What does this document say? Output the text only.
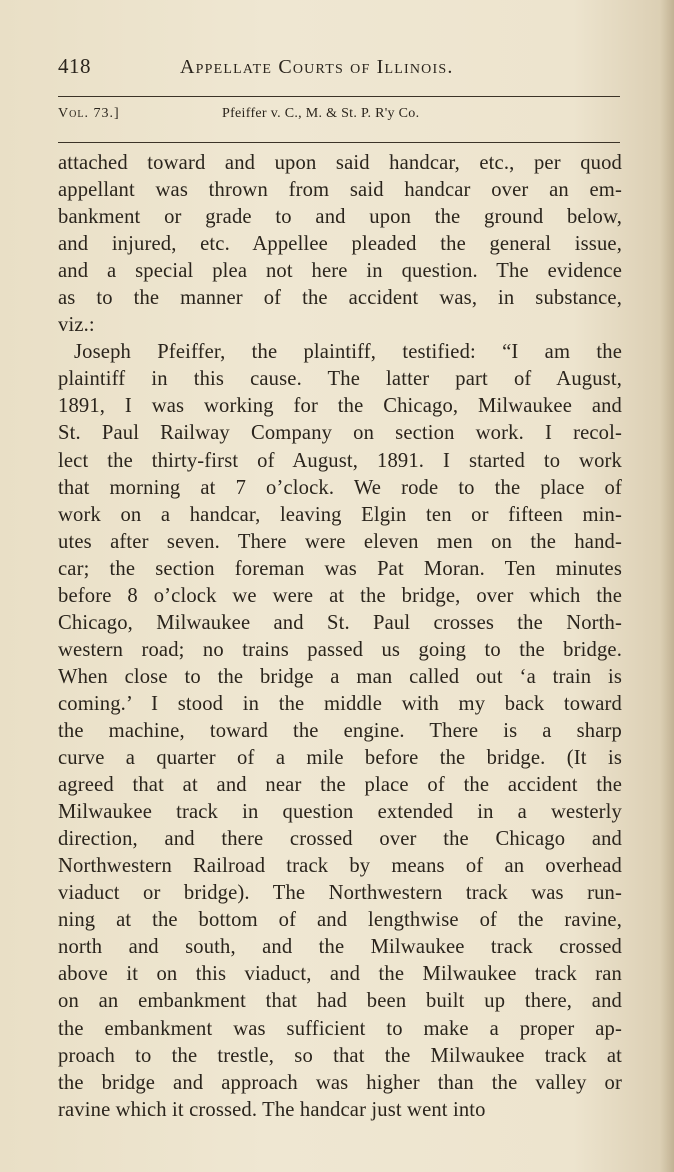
418	Appellate Courts of Illinois.
Vol. 73.]	Pfeiffer v. C., M. & St. P. R'y Co.
attached toward and upon said handcar, etc., per quod
appellant was thrown from said handcar over an em-
bankment or grade to and upon the ground below,
and injured, etc. Appellee pleaded the general issue,
and a special plea not here in question. The evidence
as to the manner of the accident was, in substance,
viz.:
Joseph Pfeiffer, the plaintiff, testified: “I am the
plaintiff in this cause. The latter part of August,
1891, I was working for the Chicago, Milwaukee and
St. Paul Railway Company on section work. I recol-
lect the thirty-first of August, 1891. I started to work
that morning at 7 o’clock. We rode to the place of
work on a handcar, leaving Elgin ten or fifteen min-
utes after seven. There were eleven men on the hand-
car; the section foreman was Pat Moran. Ten minutes
before 8 o’clock we were at the bridge, over which the
Chicago, Milwaukee and St. Paul crosses the North-
western road; no trains passed us going to the bridge.
When close to the bridge a man called out ‘a train is
coming.’ I stood in the middle with my back toward
the machine, toward the engine. There is a sharp
curve a quarter of a mile before the bridge. (It is
agreed that at and near the place of the accident the
Milwaukee track in question extended in a westerly
direction, and there crossed over the Chicago and
Northwestern Railroad track by means of an overhead
viaduct or bridge). The Northwestern track was run-
ning at the bottom of and lengthwise of the ravine,
north and south, and the Milwaukee track crossed
above it on this viaduct, and the Milwaukee track ran
on an embankment that had been built up there, and
the embankment was sufficient to make a proper ap-
proach to the trestle, so that the Milwaukee track at
the bridge and approach was higher than the valley or
ravine which it crossed. The handcar just went into
